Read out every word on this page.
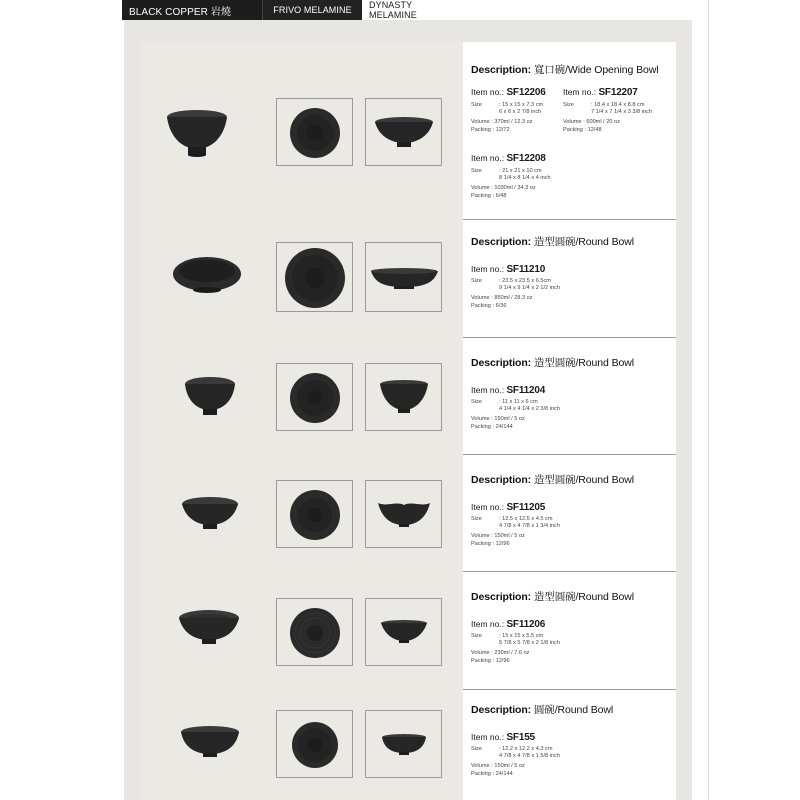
BLACK COPPER 岩燒	FRIVO MELAMINE	DYNASTY MELAMINE
Description: 寬口碗/Wide Opening Bowl
Item no.: SF12206
Size	: 15 x 15 x 7.3 cm
6 x 6 x 2 7/8 inch
Volume : 370ml / 12.3 oz
Packing : 12/72
Item no.: SF12207
Size	: 18.4 x 18.4 x 8.8 cm
7 1/4 x 7 1/4 x 3 3/8 inch
Volume : 600ml / 20 oz
Packing : 12/48
Item no.: SF12208
Size	: 21 x 21 x 10 cm
8 1/4 x 8 1/4 x 4 inch
Volume : 1030ml / 34.3 oz
Packing : 6/48
Description: 造型圓碗/Round Bowl
Item no.: SF11210
Size	: 23.5 x 23.5 x 6.5cm
9 1/4 x 9 1/4 x 2 1/2 inch
Volume : 850ml / 28.3 oz
Packing : 6/36
Description: 造型圓碗/Round Bowl
Item no.: SF11204
Size	: 11 x 11 x 6 cm
4 1/4 x 4 1/4 x 2 3/8 inch
Volume : 150ml / 5 oz
Packing : 24/144
Description: 造型圓碗/Round Bowl
Item no.: SF11205
Size	: 12.5 x 12.5 x 4.5 cm
4 7/8 x 4 7/8 x 1 3/4 inch
Volume : 150ml / 5 oz
Packing : 12/96
Description: 造型圓碗/Round Bowl
Item no.: SF11206
Size	: 15 x 15 x 5.5 cm
5 7/8 x 5 7/8 x 2 1/8 inch
Volume : 230ml / 7.6 oz
Packing : 12/96
Description: 圓碗/Round Bowl
Item no.: SF155
Size	: 12.2 x 12.2 x 4.3 cm
4 7/8 x 4 7/8 x 1 5/8 inch
Volume : 150ml / 5 oz
Packing : 24/144
